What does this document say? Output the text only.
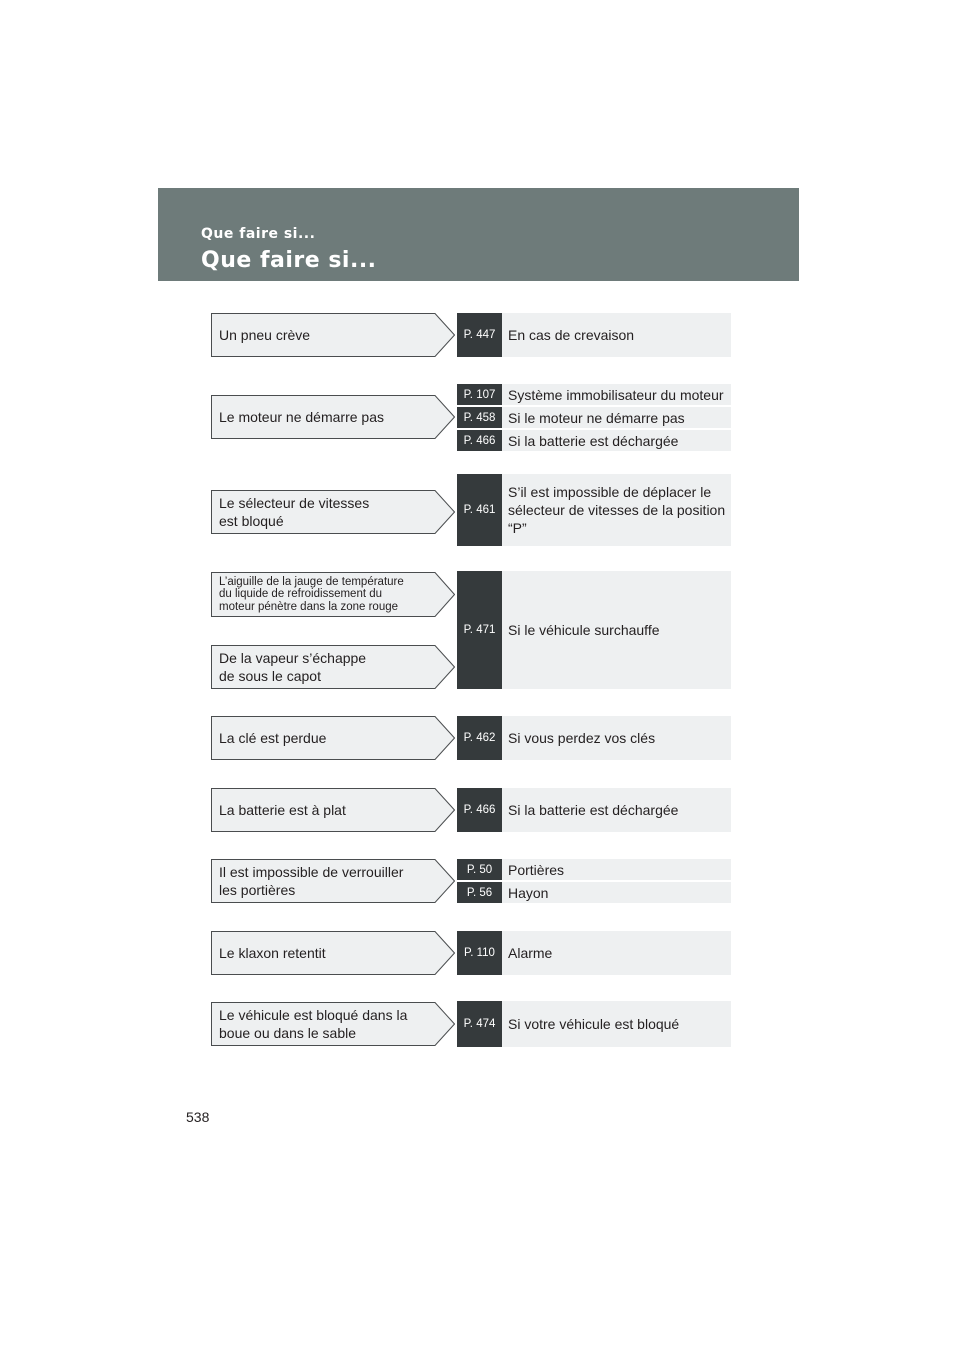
Que faire si...
Que faire si...
Un pneu crève
Le moteur ne démarre pas
Le sélecteur de vitesses
est bloqué
L’aiguille de la jauge de température
du liquide de refroidissement du
moteur pénètre dans la zone rouge
De la vapeur s’échappe
de sous le capot
La clé est perdue
La batterie est à plat
Il est impossible de verrouiller
les portières
Le klaxon retentit
Le véhicule est bloqué dans la
boue ou dans le sable
P. 447 En cas de crevaison
P. 107 Système immobilisateur du moteur
P. 458 Si le moteur ne démarre pas
P. 466 Si la batterie est déchargée
P. 461
S’il est impossible de déplacer le
sélecteur de vitesses de la position
“P”
P. 471 Si le véhicule surchauffe
P. 462 Si vous perdez vos clés
P. 466 Si la batterie est déchargée
P. 50	Portières
P. 56	Hayon
P. 110 Alarme
P. 474 Si votre véhicule est bloqué
538
